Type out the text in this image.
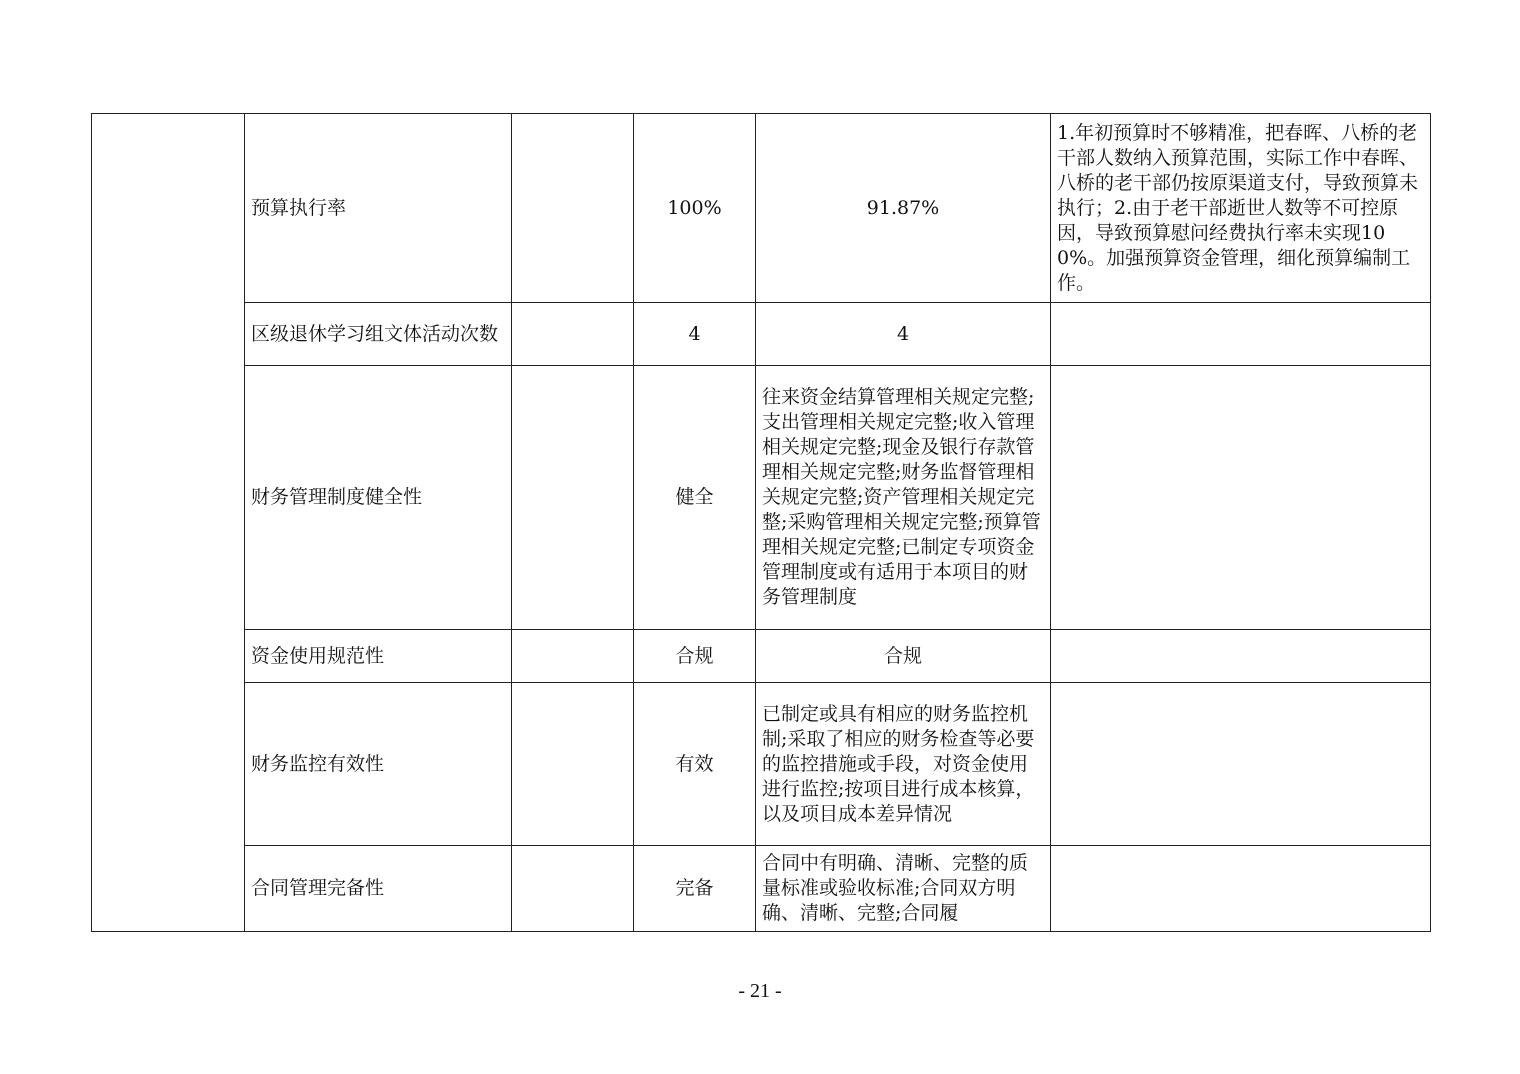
	预算执行率		100%	91.87%	1.年初预算时不够精准，把春晖、八桥的老干部人数纳入预算范围，实际工作中春晖、八桥的老干部仍按原渠道支付，导致预算未执行；2.由于老干部逝世人数等不可控原因，导致预算慰问经费执行率未实现100%。加强预算资金管理，细化预算编制工作。
	区级退休学习组文体活动次数		4	4	
	财务管理制度健全性		健全	往来资金结算管理相关规定完整;支出管理相关规定完整;收入管理相关规定完整;现金及银行存款管理相关规定完整;财务监督管理相关规定完整;资产管理相关规定完整;采购管理相关规定完整;预算管理相关规定完整;已制定专项资金管理制度或有适用于本项目的财务管理制度	
	资金使用规范性		合规	合规	
	财务监控有效性		有效	已制定或具有相应的财务监控机制;采取了相应的财务检查等必要的监控措施或手段，对资金使用进行监控;按项目进行成本核算，以及项目成本差异情况	
	合同管理完备性		完备	合同中有明确、清晰、完整的质量标准或验收标准;合同双方明确、清晰、完整;合同履	
- 21 -
